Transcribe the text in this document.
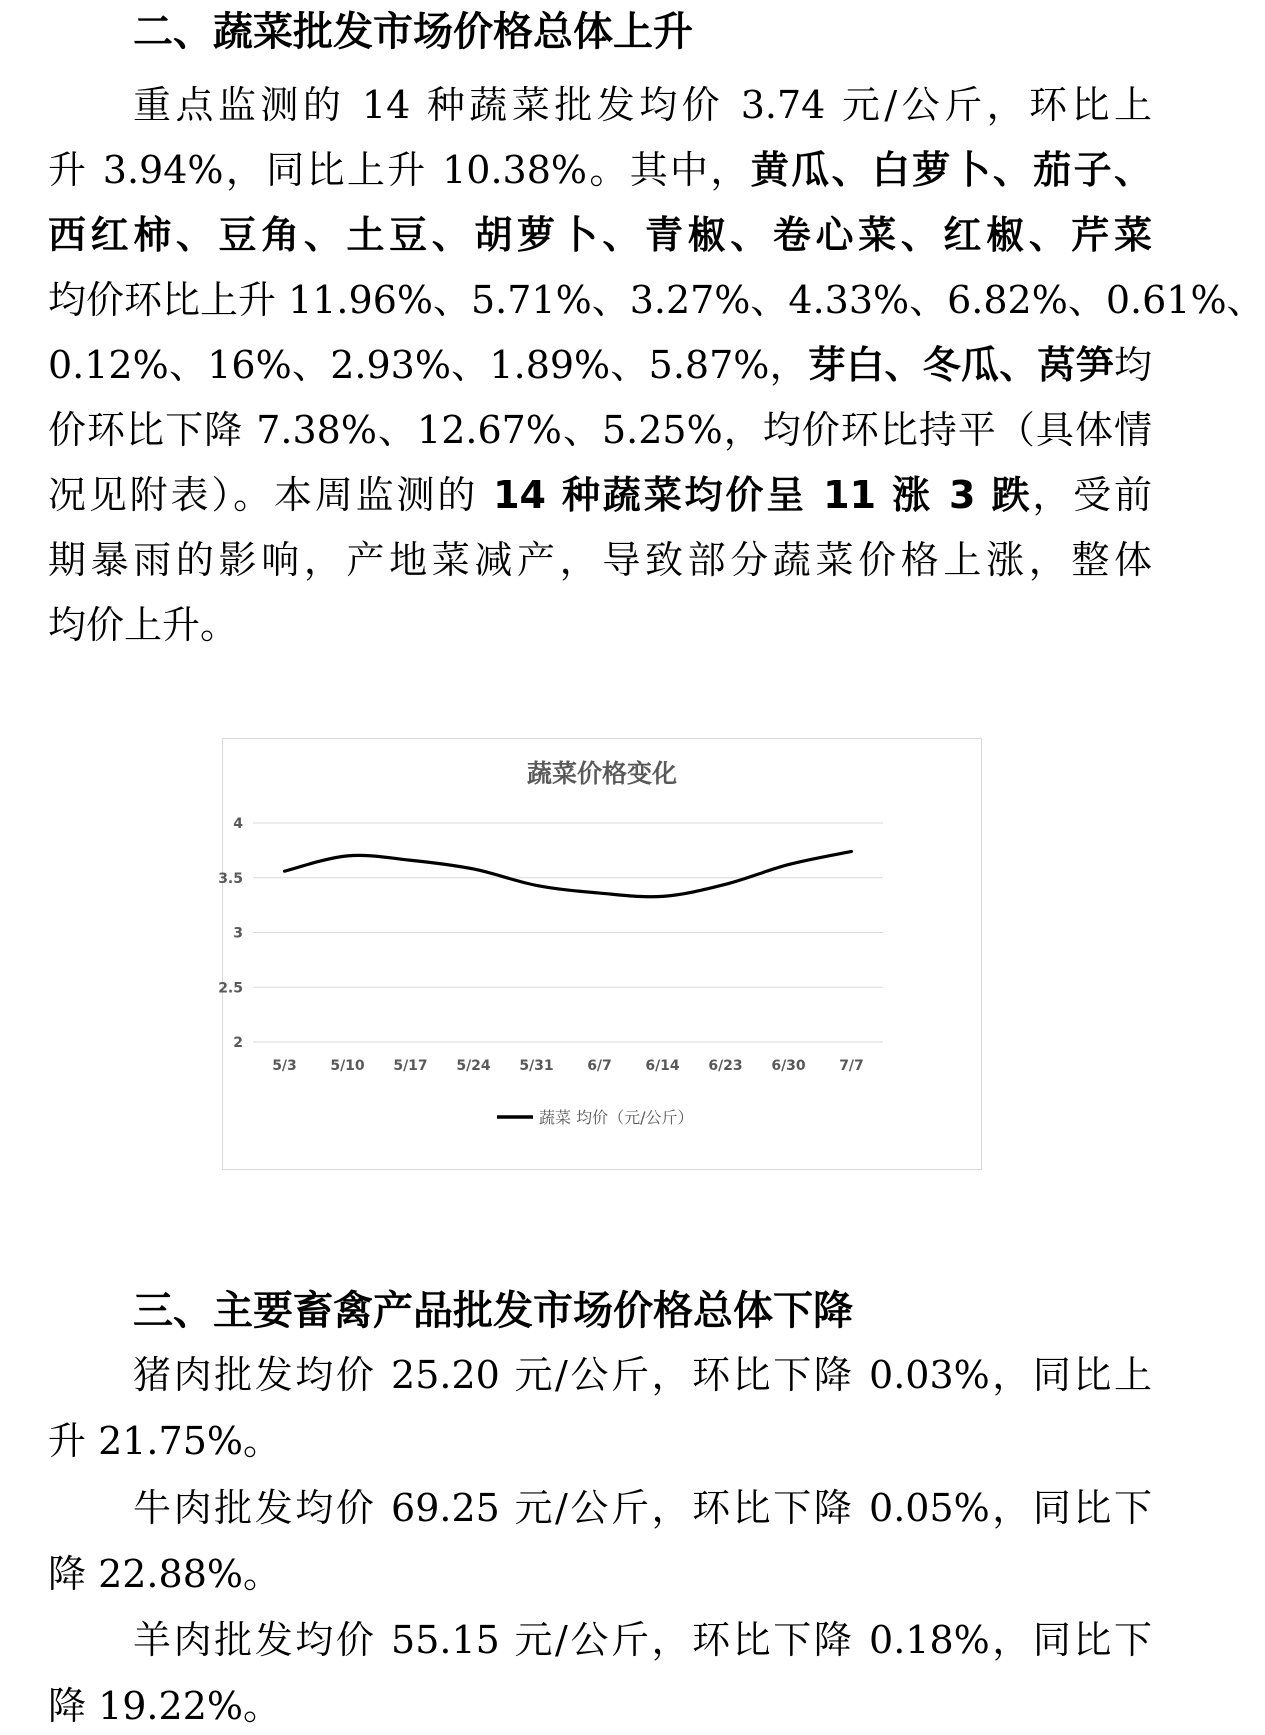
二、蔬菜批发市场价格总体上升
重点监测的 14 种蔬菜批发均价 3.74 元/公斤，环比上
升 3.94%，同比上升 10.38%。其中，黄瓜、白萝卜、茄子、
西红柿、豆角、土豆、胡萝卜、青椒、卷心菜、红椒、芹菜
均价环比上升 11.96%、5.71%、3.27%、4.33%、6.82%、0.61%、
0.12%、16%、2.93%、1.89%、5.87%，芽白、冬瓜、莴笋均
价环比下降 7.38%、12.67%、5.25%，均价环比持平（具体情
况见附表）。本周监测的 14 种蔬菜均价呈 11 涨 3 跌，受前
期暴雨的影响，产地菜减产，导致部分蔬菜价格上涨，整体
均价上升。
蔬菜价格变化
4
3.5
3
2.5
2
5/3 5/10 5/17 5/24 5/31 6/7 6/14 6/23 6/30 7/7
蔬菜 均价（元/公斤）
三、主要畜禽产品批发市场价格总体下降
猪肉批发均价 25.20 元/公斤，环比下降 0.03%，同比上
升 21.75%。
牛肉批发均价 69.25 元/公斤，环比下降 0.05%，同比下
降 22.88%。
羊肉批发均价 55.15 元/公斤，环比下降 0.18%，同比下
降 19.22%。
